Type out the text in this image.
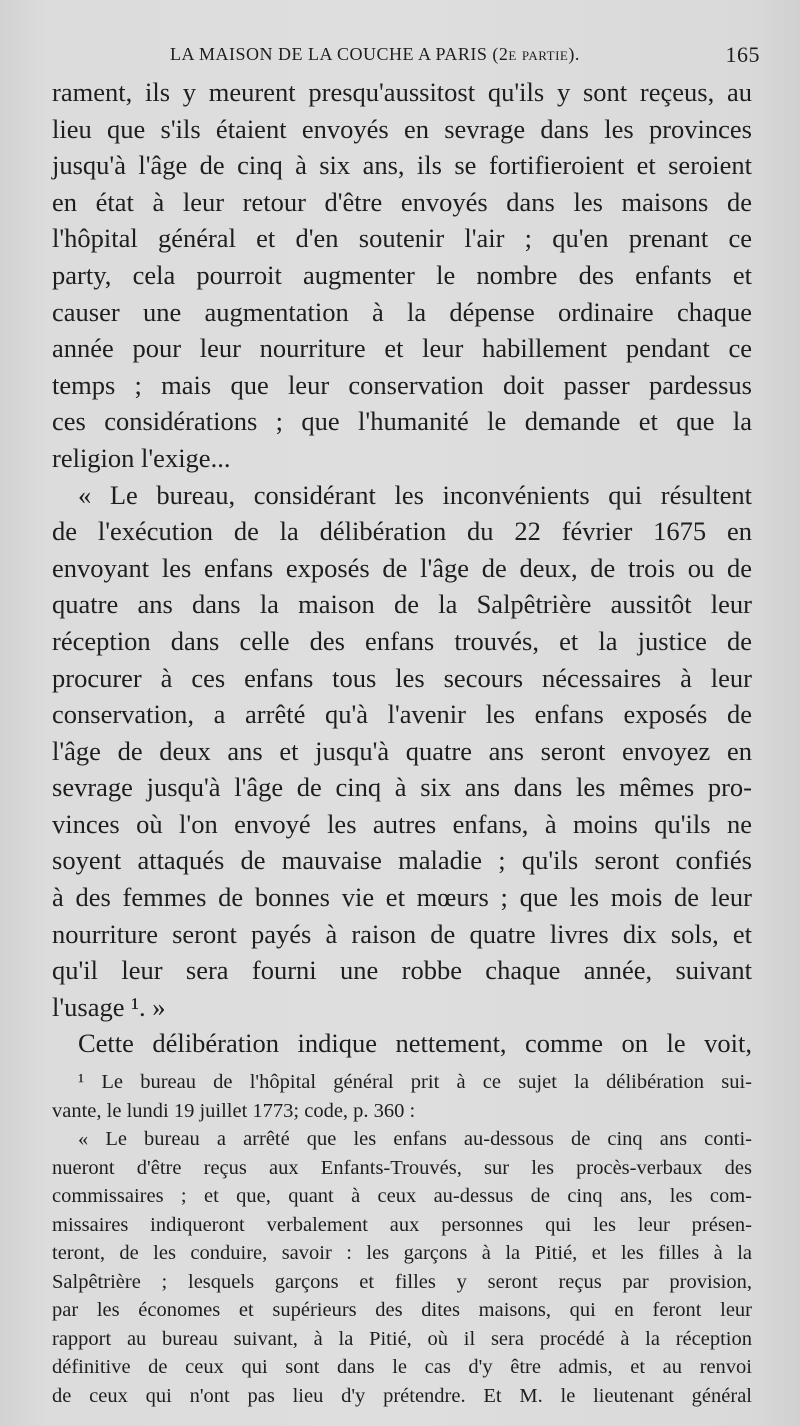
LA MAISON DE LA COUCHE A PARIS (2e partie).	165
rament, ils y meurent presqu'aussitost qu'ils y sont reçeus, au
lieu que s'ils étaient envoyés en sevrage dans les provinces
jusqu'à l'âge de cinq à six ans, ils se fortifieroient et seroient
en état à leur retour d'être envoyés dans les maisons de
l'hôpital général et d'en soutenir l'air ; qu'en prenant ce
party, cela pourroit augmenter le nombre des enfants et
causer une augmentation à la dépense ordinaire chaque
année pour leur nourriture et leur habillement pendant ce
temps ; mais que leur conservation doit passer pardessus
ces considérations ; que l'humanité le demande et que la
religion l'exige...
« Le bureau, considérant les inconvénients qui résultent
de l'exécution de la délibération du 22 février 1675 en
envoyant les enfans exposés de l'âge de deux, de trois ou de
quatre ans dans la maison de la Salpêtrière aussitôt leur
réception dans celle des enfans trouvés, et la justice de
procurer à ces enfans tous les secours nécessaires à leur
conservation, a arrêté qu'à l'avenir les enfans exposés de
l'âge de deux ans et jusqu'à quatre ans seront envoyez en
sevrage jusqu'à l'âge de cinq à six ans dans les mêmes pro-
vinces où l'on envoyé les autres enfans, à moins qu'ils ne
soyent attaqués de mauvaise maladie ; qu'ils seront confiés
à des femmes de bonnes vie et mœurs ; que les mois de leur
nourriture seront payés à raison de quatre livres dix sols, et
qu'il leur sera fourni une robbe chaque année, suivant
l'usage ¹. »
Cette délibération indique nettement, comme on le voit,
¹ Le bureau de l'hôpital général prit à ce sujet la délibération sui-
vante, le lundi 19 juillet 1773; code, p. 360 :
« Le bureau a arrêté que les enfans au-dessous de cinq ans conti-
nueront d'être reçus aux Enfants-Trouvés, sur les procès-verbaux des
commissaires ; et que, quant à ceux au-dessus de cinq ans, les com-
missaires indiqueront verbalement aux personnes qui les leur présen-
teront, de les conduire, savoir : les garçons à la Pitié, et les filles à la
Salpêtrière ; lesquels garçons et filles y seront reçus par provision,
par les économes et supérieurs des dites maisons, qui en feront leur
rapport au bureau suivant, à la Pitié, où il sera procédé à la réception
définitive de ceux qui sont dans le cas d'y être admis, et au renvoi
de ceux qui n'ont pas lieu d'y prétendre. Et M. le lieutenant général
